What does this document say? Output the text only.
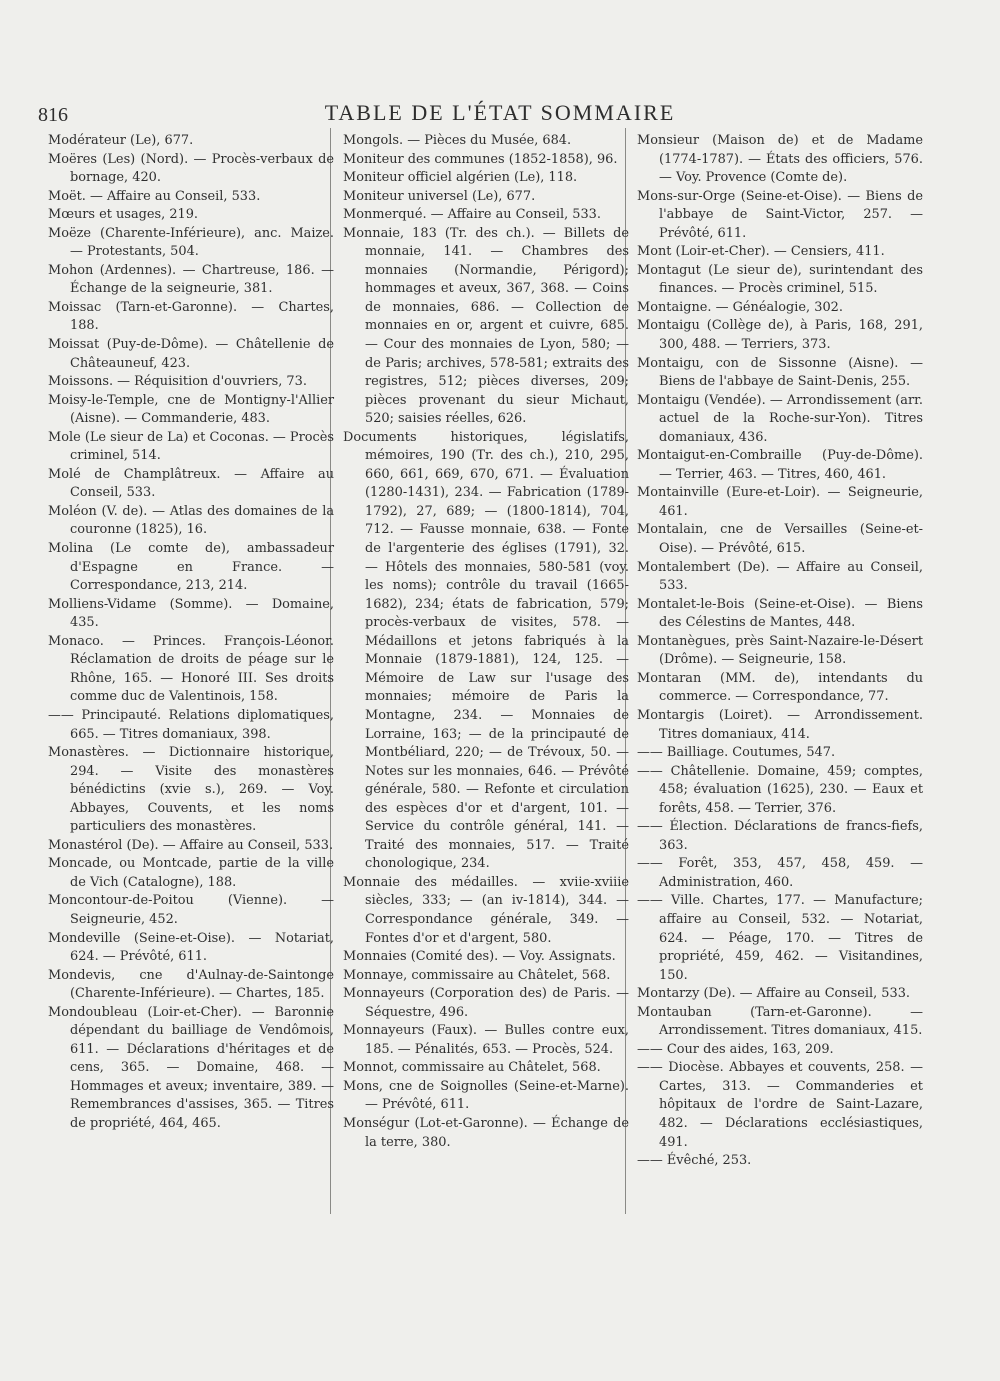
816	TABLE DE L'ÉTAT SOMMAIRE
Modérateur (Le), 677.
Moëres (Les) (Nord). — Procès-verbaux de bornage, 420.
Moët. — Affaire au Conseil, 533.
Mœurs et usages, 219.
Moëze (Charente-Inférieure), anc. Maize. — Protestants, 504.
Mohon (Ardennes). — Chartreuse, 186. — Échange de la seigneurie, 381.
Moissac (Tarn-et-Garonne). — Chartes, 188.
Moissat (Puy-de-Dôme). — Châtellenie de Châteauneuf, 423.
Moissons. — Réquisition d'ouvriers, 73.
Moisy-le-Temple, cne de Montigny-l'Allier (Aisne). — Commanderie, 483.
Mole (Le sieur de La) et Coconas. — Procès criminel, 514.
Molé de Champlâtreux. — Affaire au Conseil, 533.
Moléon (V. de). — Atlas des domaines de la couronne (1825), 16.
Molina (Le comte de), ambassadeur d'Espagne en France. — Correspondance, 213, 214.
Molliens-Vidame (Somme). — Domaine, 435.
Monaco. — Princes. François-Léonor. Réclamation de droits de péage sur le Rhône, 165. — Honoré III. Ses droits comme duc de Valentinois, 158.
—— Principauté. Relations diplomatiques, 665. — Titres domaniaux, 398.
Monastères. — Dictionnaire historique, 294. — Visite des monastères bénédictins (xvie s.), 269. — Voy. Abbayes, Couvents, et les noms particuliers des monastères.
Monastérol (De). — Affaire au Conseil, 533.
Moncade, ou Montcade, partie de la ville de Vich (Catalogne), 188.
Moncontour-de-Poitou (Vienne). — Seigneurie, 452.
Mondeville (Seine-et-Oise). — Notariat, 624. — Prévôté, 611.
Mondevis, cne d'Aulnay-de-Saintonge (Charente-Inférieure). — Chartes, 185.
Mondoubleau (Loir-et-Cher). — Baronnie dépendant du bailliage de Vendômois, 611. — Déclarations d'héritages et de cens, 365. — Domaine, 468. — Hommages et aveux; inventaire, 389. — Remembrances d'assises, 365. — Titres de propriété, 464, 465.
Mongols. — Pièces du Musée, 684.
Moniteur des communes (1852-1858), 96.
Moniteur officiel algérien (Le), 118.
Moniteur universel (Le), 677.
Monmerqué. — Affaire au Conseil, 533.
Monnaie, 183 (Tr. des ch.). — Billets de monnaie, 141. — Chambres des monnaies (Normandie, Périgord); hommages et aveux, 367, 368. — Coins de monnaies, 686. — Collection de monnaies en or, argent et cuivre, 685. — Cour des monnaies de Lyon, 580; — de Paris; archives, 578-581; extraits des registres, 512; pièces diverses, 209; pièces provenant du sieur Michaut, 520; saisies réelles, 626.
Documents historiques, législatifs, mémoires, 190 (Tr. des ch.), 210, 295, 660, 661, 669, 670, 671. — Évaluation (1280-1431), 234. — Fabrication (1789-1792), 27, 689; — (1800-1814), 704, 712. — Fausse monnaie, 638. — Fonte de l'argenterie des églises (1791), 32. — Hôtels des monnaies, 580-581 (voy. les noms); contrôle du travail (1665-1682), 234; états de fabrication, 579; procès-verbaux de visites, 578. — Médaillons et jetons fabriqués à la Monnaie (1879-1881), 124, 125. — Mémoire de Law sur l'usage des monnaies; mémoire de Paris la Montagne, 234. — Monnaies de Lorraine, 163; — de la principauté de Montbéliard, 220; — de Trévoux, 50. — Notes sur les monnaies, 646. — Prévôté générale, 580. — Refonte et circulation des espèces d'or et d'argent, 101. — Service du contrôle général, 141. — Traité des monnaies, 517. — Traité chonologique, 234.
Monnaie des médailles. — xviie-xviiie siècles, 333; — (an iv-1814), 344. — Correspondance générale, 349. — Fontes d'or et d'argent, 580.
Monnaies (Comité des). — Voy. Assignats.
Monnaye, commissaire au Châtelet, 568.
Monnayeurs (Corporation des) de Paris. — Séquestre, 496.
Monnayeurs (Faux). — Bulles contre eux, 185. — Pénalités, 653. — Procès, 524.
Monnot, commissaire au Châtelet, 568.
Mons, cne de Soignolles (Seine-et-Marne). — Prévôté, 611.
Monségur (Lot-et-Garonne). — Échange de la terre, 380.
Monsieur (Maison de) et de Madame (1774-1787). — États des officiers, 576. — Voy. Provence (Comte de).
Mons-sur-Orge (Seine-et-Oise). — Biens de l'abbaye de Saint-Victor, 257. — Prévôté, 611.
Mont (Loir-et-Cher). — Censiers, 411.
Montagut (Le sieur de), surintendant des finances. — Procès criminel, 515.
Montaigne. — Généalogie, 302.
Montaigu (Collège de), à Paris, 168, 291, 300, 488. — Terriers, 373.
Montaigu, con de Sissonne (Aisne). — Biens de l'abbaye de Saint-Denis, 255.
Montaigu (Vendée). — Arrondissement (arr. actuel de la Roche-sur-Yon). Titres domaniaux, 436.
Montaigut-en-Combraille (Puy-de-Dôme). — Terrier, 463. — Titres, 460, 461.
Montainville (Eure-et-Loir). — Seigneurie, 461.
Montalain, cne de Versailles (Seine-et-Oise). — Prévôté, 615.
Montalembert (De). — Affaire au Conseil, 533.
Montalet-le-Bois (Seine-et-Oise). — Biens des Célestins de Mantes, 448.
Montanègues, près Saint-Nazaire-le-Désert (Drôme). — Seigneurie, 158.
Montaran (MM. de), intendants du commerce. — Correspondance, 77.
Montargis (Loiret). — Arrondissement. Titres domaniaux, 414.
—— Bailliage. Coutumes, 547.
—— Châtellenie. Domaine, 459; comptes, 458; évaluation (1625), 230. — Eaux et forêts, 458. — Terrier, 376.
—— Élection. Déclarations de francs-fiefs, 363.
—— Forêt, 353, 457, 458, 459. — Administration, 460.
—— Ville. Chartes, 177. — Manufacture; affaire au Conseil, 532. — Notariat, 624. — Péage, 170. — Titres de propriété, 459, 462. — Visitandines, 150.
Montarzy (De). — Affaire au Conseil, 533.
Montauban (Tarn-et-Garonne). — Arrondissement. Titres domaniaux, 415.
—— Cour des aides, 163, 209.
—— Diocèse. Abbayes et couvents, 258. — Cartes, 313. — Commanderies et hôpitaux de l'ordre de Saint-Lazare, 482. — Déclarations ecclésiastiques, 491.
—— Évêché, 253.
